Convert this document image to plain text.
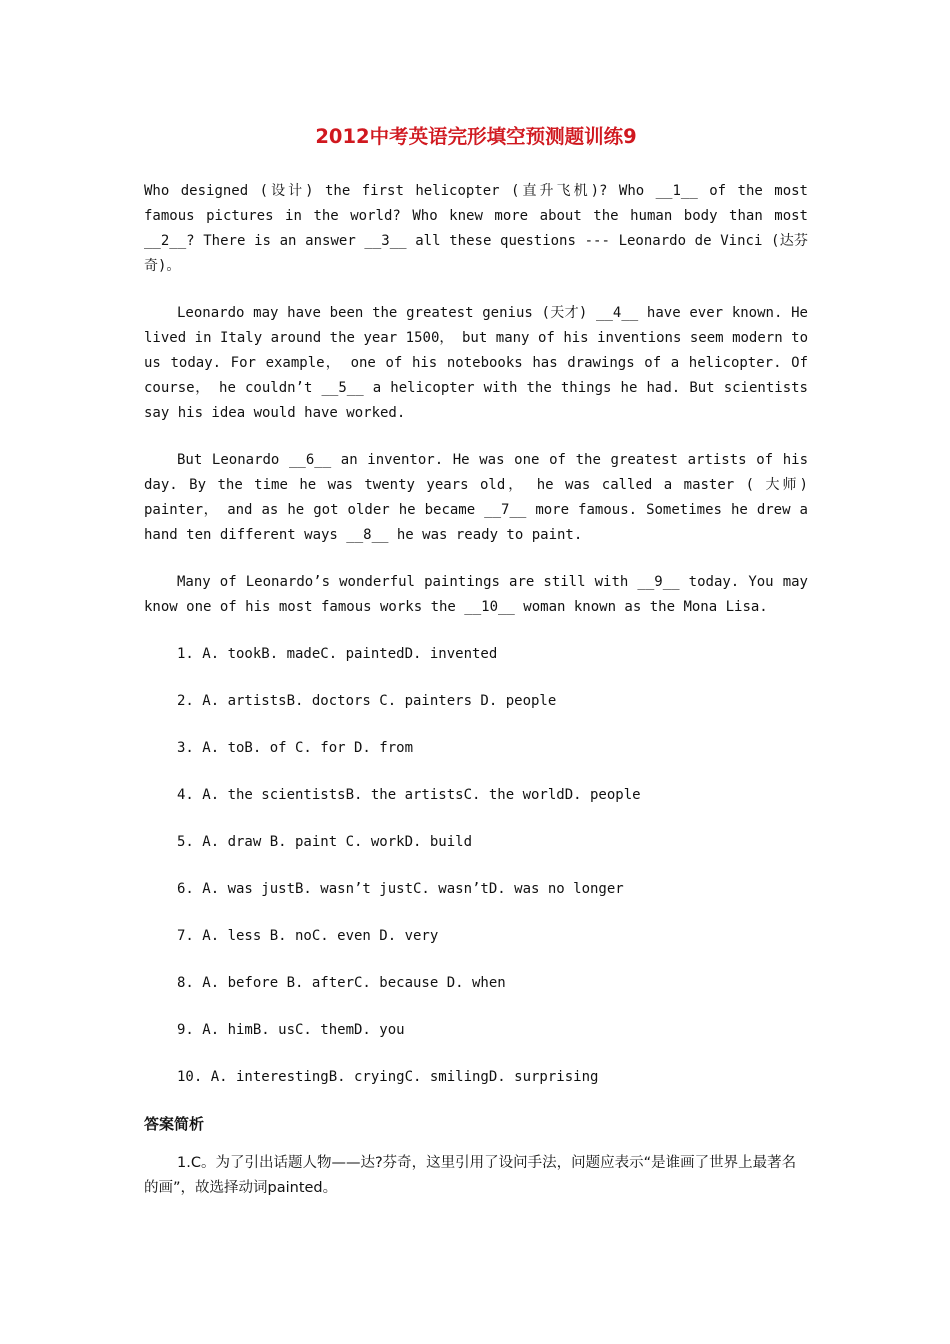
2012中考英语完形填空预测题训练9

Who designed (设计) the first helicopter (直升飞机)? Who __1__ of the most famous pictures in the world? Who knew more about the human body than most __2__? There is an answer __3__ all these questions --- Leonardo de Vinci (达芬奇)。

Leonardo may have been the greatest genius (天才) __4__ have ever known. He lived in Italy around the year 1500， but many of his inventions seem modern to us today. For example， one of his notebooks has drawings of a helicopter. Of course， he couldn’t __5__ a helicopter with the things he had. But scientists say his idea would have worked.

But Leonardo __6__ an inventor. He was one of the greatest artists of his day. By the time he was twenty years old， he was called a master ( 大师) painter， and as he got older he became __7__ more famous. Sometimes he drew a hand ten different ways __8__ he was ready to paint.

Many of Leonardo’s wonderful paintings are still with __9__ today. You may know one of his most famous works the __10__ woman known as the Mona Lisa.

1. A. tookB. madeC. paintedD. invented
2. A. artistsB. doctors C. painters D. people
3. A. toB. of C. for D. from
4. A. the scientistsB. the artistsC. the worldD. people
5. A. draw B. paint C. workD. build
6. A. was justB. wasn’t justC. wasn’tD. was no longer
7. A. less B. noC. even D. very
8. A. before B. afterC. because D. when
9. A. himB. usC. themD. you
10. A. interestingB. cryingC. smilingD. surprising
答案简析

1.C。为了引出话题人物——达?芬奇，这里引用了设问手法，问题应表示“是谁画了世界上最著名的画”，故选择动词painted。
